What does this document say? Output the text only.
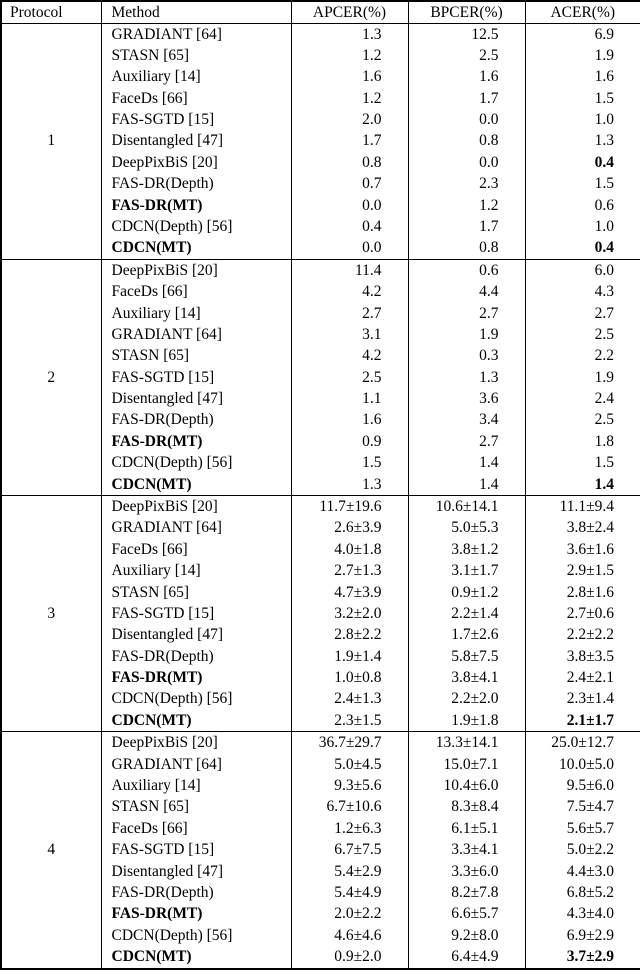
Protocol	Method	APCER(%)	BPCER(%)	ACER(%)
1	GRADIANT [64]	1.3	12.5	6.9
	STASN [65]	1.2	2.5	1.9
	Auxiliary [14]	1.6	1.6	1.6
	FaceDs [66]	1.2	1.7	1.5
	FAS-SGTD [15]	2.0	0.0	1.0
	Disentangled [47]	1.7	0.8	1.3
	DeepPixBiS [20]	0.8	0.0	0.4
	FAS-DR(Depth)	0.7	2.3	1.5
	FAS-DR(MT)	0.0	1.2	0.6
	CDCN(Depth) [56]	0.4	1.7	1.0
	CDCN(MT)	0.0	0.8	0.4
2	DeepPixBiS [20]	11.4	0.6	6.0
	FaceDs [66]	4.2	4.4	4.3
	Auxiliary [14]	2.7	2.7	2.7
	GRADIANT [64]	3.1	1.9	2.5
	STASN [65]	4.2	0.3	2.2
	FAS-SGTD [15]	2.5	1.3	1.9
	Disentangled [47]	1.1	3.6	2.4
	FAS-DR(Depth)	1.6	3.4	2.5
	FAS-DR(MT)	0.9	2.7	1.8
	CDCN(Depth) [56]	1.5	1.4	1.5
	CDCN(MT)	1.3	1.4	1.4
3	DeepPixBiS [20]	11.7±19.6	10.6±14.1	11.1±9.4
	GRADIANT [64]	2.6±3.9	5.0±5.3	3.8±2.4
	FaceDs [66]	4.0±1.8	3.8±1.2	3.6±1.6
	Auxiliary [14]	2.7±1.3	3.1±1.7	2.9±1.5
	STASN [65]	4.7±3.9	0.9±1.2	2.8±1.6
	FAS-SGTD [15]	3.2±2.0	2.2±1.4	2.7±0.6
	Disentangled [47]	2.8±2.2	1.7±2.6	2.2±2.2
	FAS-DR(Depth)	1.9±1.4	5.8±7.5	3.8±3.5
	FAS-DR(MT)	1.0±0.8	3.8±4.1	2.4±2.1
	CDCN(Depth) [56]	2.4±1.3	2.2±2.0	2.3±1.4
	CDCN(MT)	2.3±1.5	1.9±1.8	2.1±1.7
4	DeepPixBiS [20]	36.7±29.7	13.3±14.1	25.0±12.7
	GRADIANT [64]	5.0±4.5	15.0±7.1	10.0±5.0
	Auxiliary [14]	9.3±5.6	10.4±6.0	9.5±6.0
	STASN [65]	6.7±10.6	8.3±8.4	7.5±4.7
	FaceDs [66]	1.2±6.3	6.1±5.1	5.6±5.7
	FAS-SGTD [15]	6.7±7.5	3.3±4.1	5.0±2.2
	Disentangled [47]	5.4±2.9	3.3±6.0	4.4±3.0
	FAS-DR(Depth)	5.4±4.9	8.2±7.8	6.8±5.2
	FAS-DR(MT)	2.0±2.2	6.6±5.7	4.3±4.0
	CDCN(Depth) [56]	4.6±4.6	9.2±8.0	6.9±2.9
	CDCN(MT)	0.9±2.0	6.4±4.9	3.7±2.9
